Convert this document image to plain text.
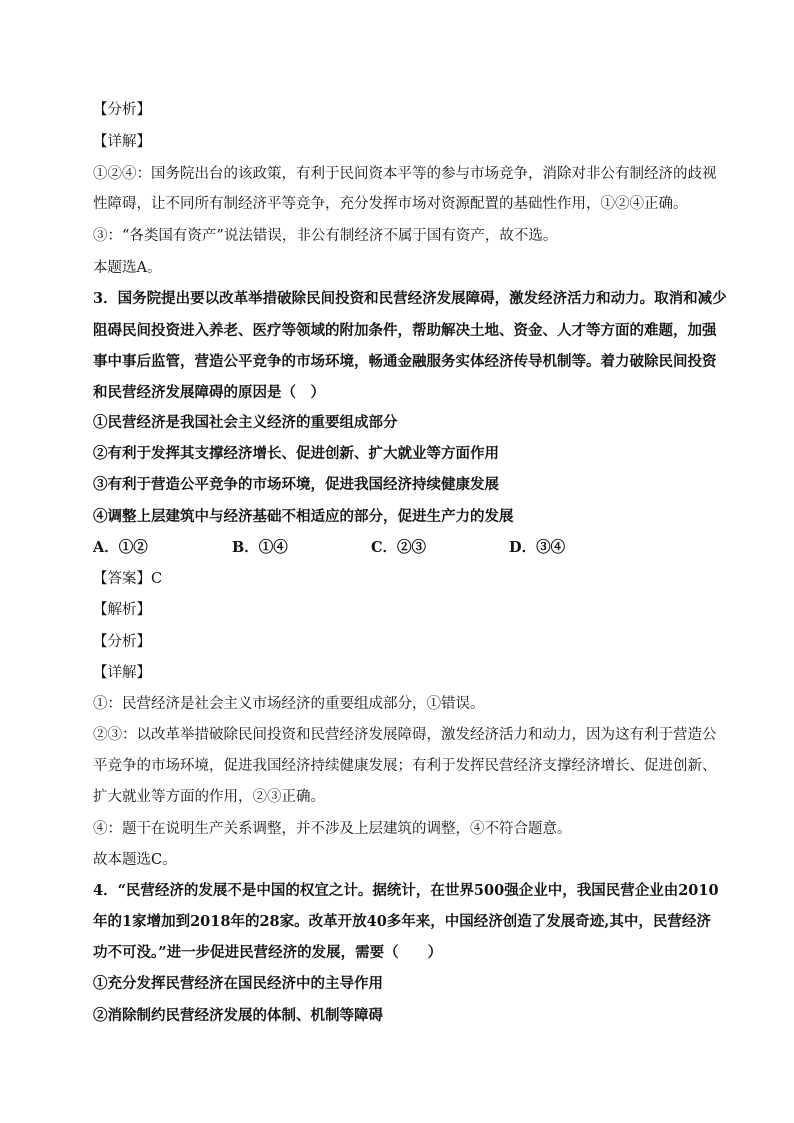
【分析】
【详解】
①②④：国务院出台的该政策，有利于民间资本平等的参与市场竞争，消除对非公有制经济的歧视
性障碍，让不同所有制经济平等竞争，充分发挥市场对资源配置的基础性作用，①②④正确。
③：“各类国有资产”说法错误，非公有制经济不属于国有资产，故不选。
本题选A。
3．国务院提出要以改革举措破除民间投资和民营经济发展障碍，激发经济活力和动力。取消和减少
阻碍民间投资进入养老、医疗等领域的附加条件，帮助解决土地、资金、人才等方面的难题，加强
事中事后监管，营造公平竞争的市场环境，畅通金融服务实体经济传导机制等。着力破除民间投资
和民营经济发展障碍的原因是（　）
①民营经济是我国社会主义经济的重要组成部分
②有利于发挥其支撑经济增长、促进创新、扩大就业等方面作用
③有利于营造公平竞争的市场环境，促进我国经济持续健康发展
④调整上层建筑中与经济基础不相适应的部分，促进生产力的发展
A．①②	B．①④	C．②③	D．③④
【答案】C
【解析】
【分析】
【详解】
①：民营经济是社会主义市场经济的重要组成部分，①错误。
②③：以改革举措破除民间投资和民营经济发展障碍，激发经济活力和动力，因为这有利于营造公
平竞争的市场环境，促进我国经济持续健康发展；有利于发挥民营经济支撑经济增长、促进创新、
扩大就业等方面的作用，②③正确。
④：题干在说明生产关系调整，并不涉及上层建筑的调整，④不符合题意。
故本题选C。
4．“民营经济的发展不是中国的权宜之计。据统计，在世界500强企业中，我国民营企业由2010
年的1家增加到2018年的28家。改革开放40多年来，中国经济创造了发展奇迹,其中，民营经济
功不可没。”进一步促进民营经济的发展，需要（　　）
①充分发挥民营经济在国民经济中的主导作用
②消除制约民营经济发展的体制、机制等障碍
